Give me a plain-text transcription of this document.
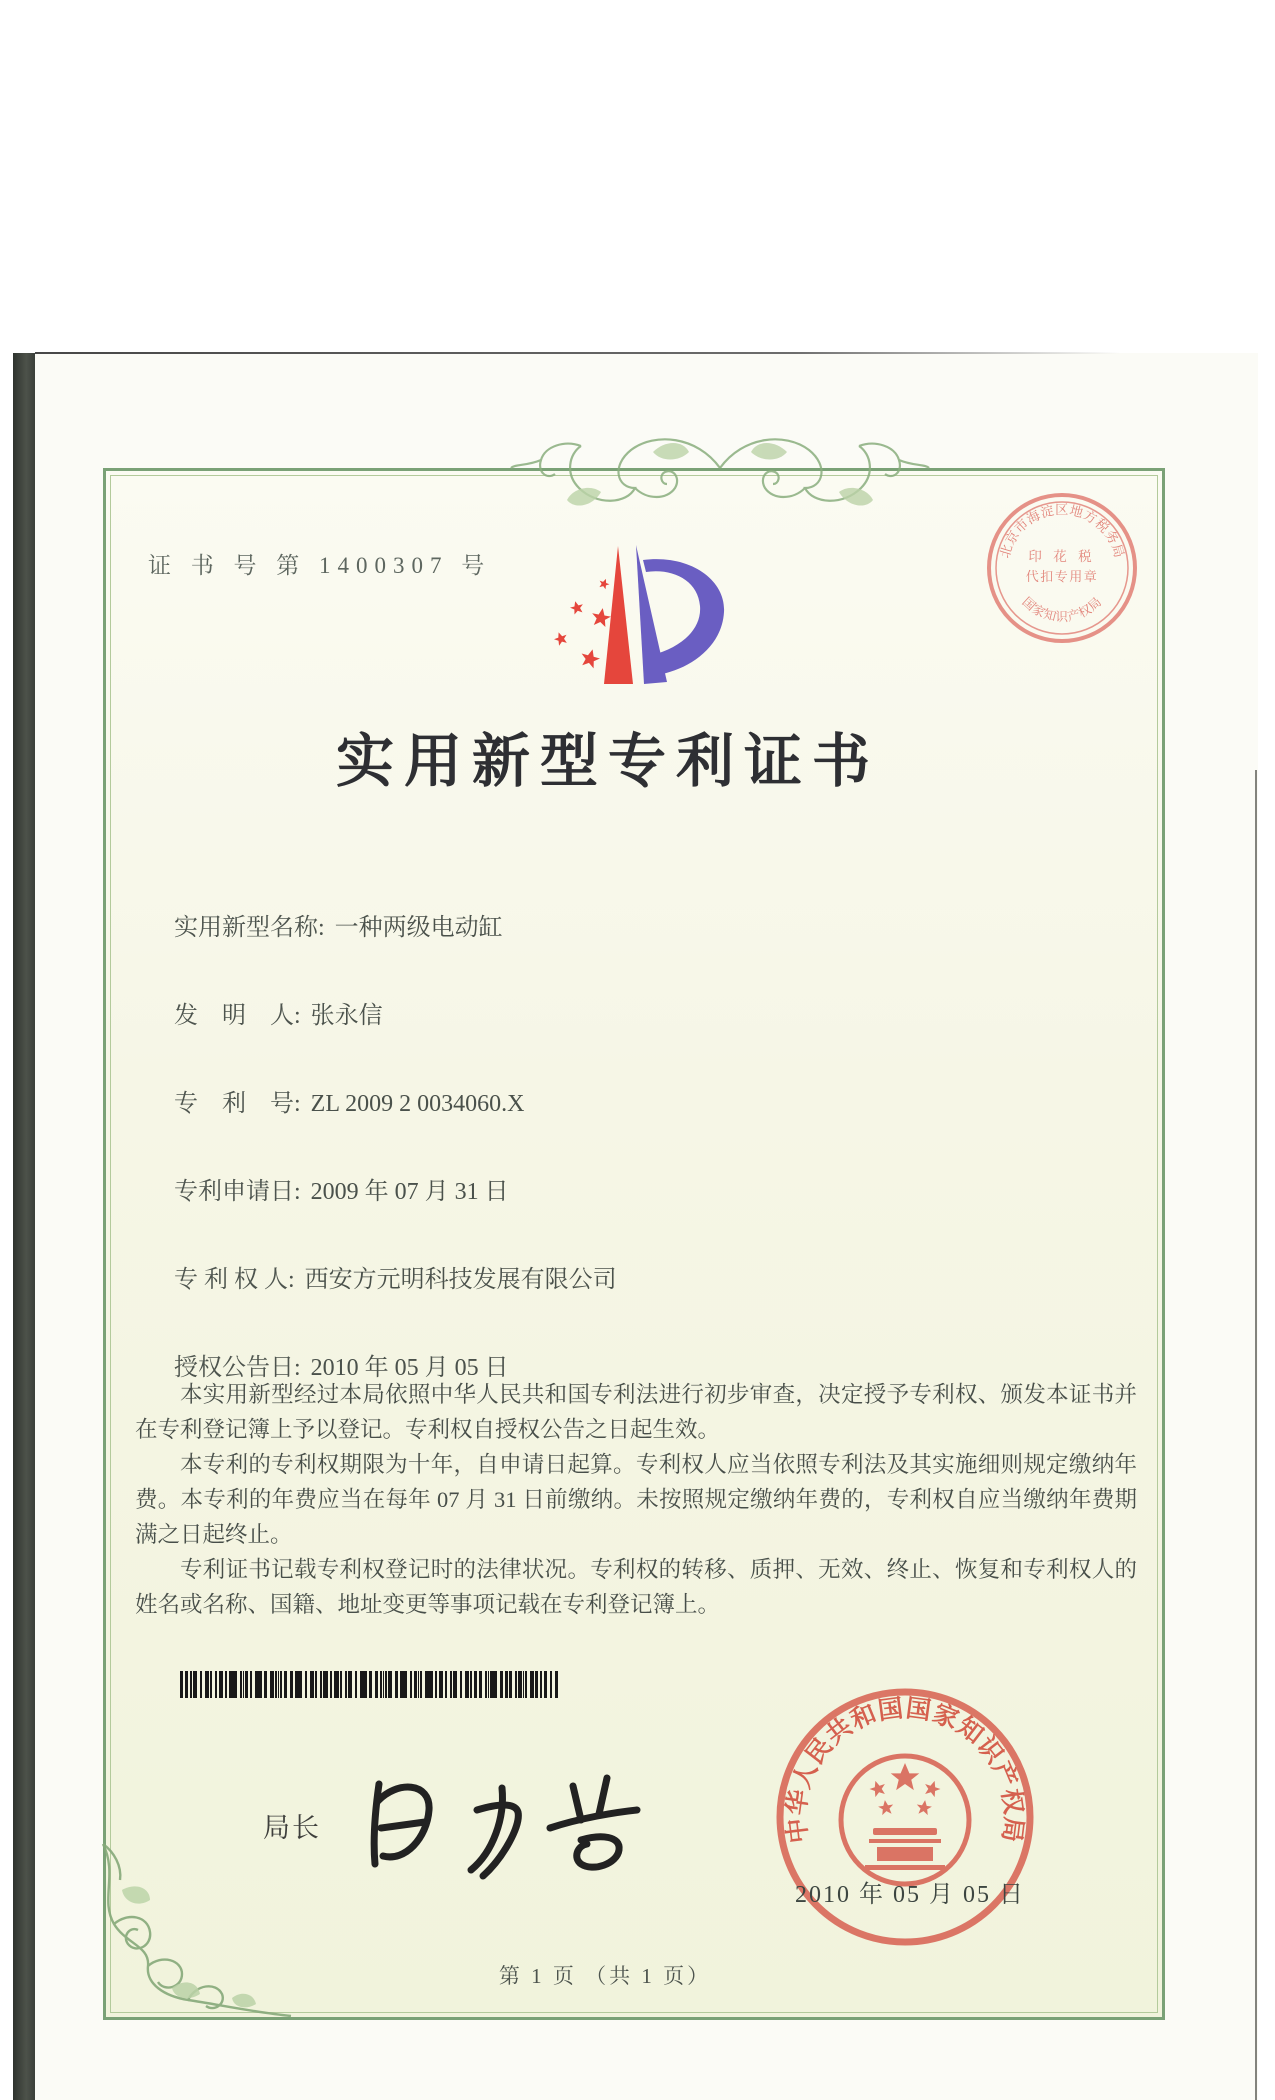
证 书 号 第 1400307 号
实用新型专利证书

实用新型名称: 一种两级电动缸

发    明    人: 张永信

专    利    号: ZL 2009 2 0034060.X

专利申请日: 2009 年 07 月 31 日

专 利 权 人: 西安方元明科技发展有限公司

授权公告日: 2010 年 05 月 05 日

本实用新型经过本局依照中华人民共和国专利法进行初步审查，决定授予专利权、颁发本证书并在专利登记簿上予以登记。专利权自授权公告之日起生效。

本专利的专利权期限为十年，自申请日起算。专利权人应当依照专利法及其实施细则规定缴纳年费。本专利的年费应当在每年 07 月 31 日前缴纳。未按照规定缴纳年费的，专利权自应当缴纳年费期满之日起终止。

专利证书记载专利权登记时的法律状况。专利权的转移、质押、无效、终止、恢复和专利权人的姓名或名称、国籍、地址变更等事项记载在专利登记簿上。

局长	中华人民共和国国家知识产权局
2010 年 05 月 05 日
北京市海淀区地方税务局
国家知识产权局
印 花 税
代扣专用章
第 1 页 （共 1 页）
